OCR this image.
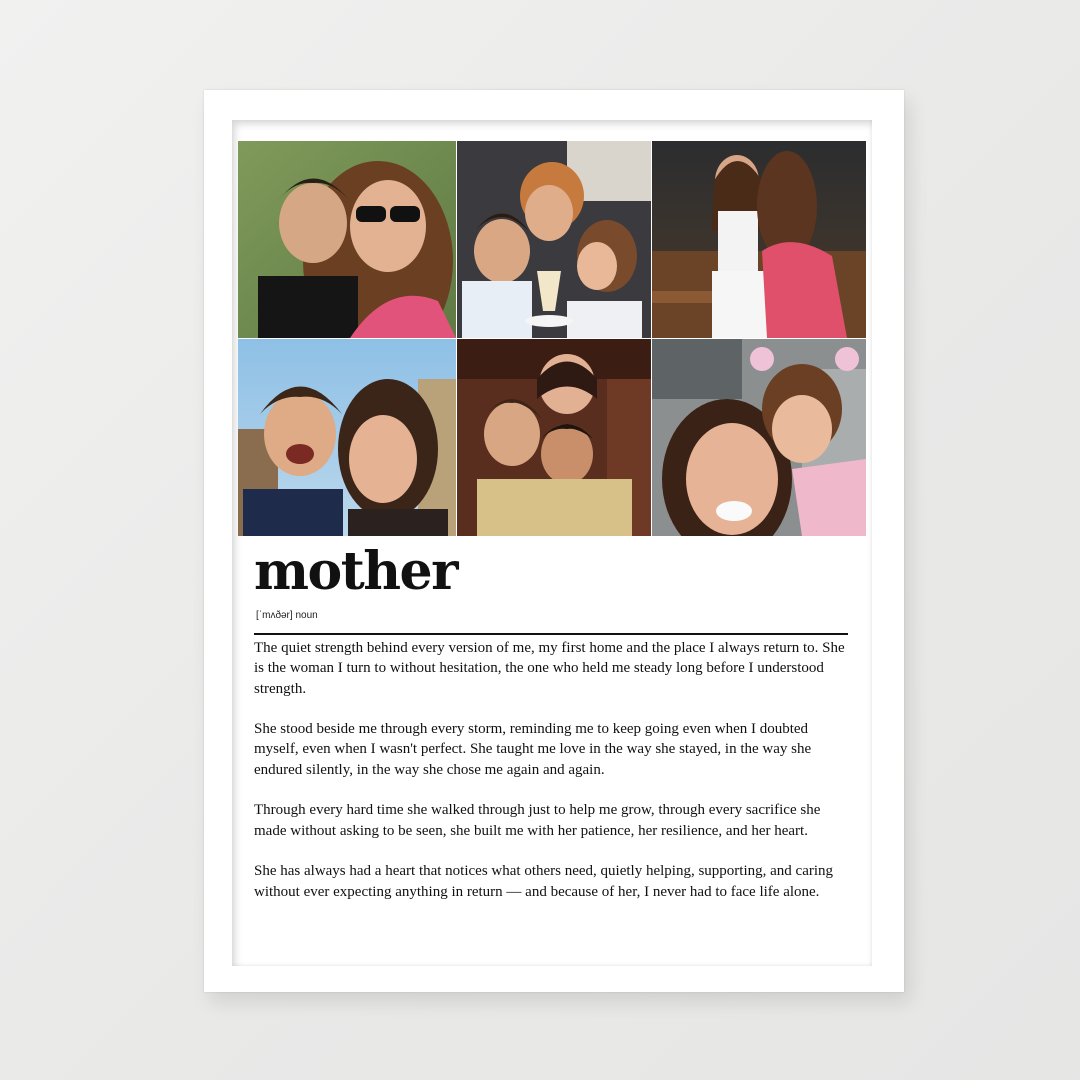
mother
[ˈmʌðər] noun

The quiet strength behind every version of me, my first home and the place I always return to. She is the woman I turn to without hesitation, the one who held me steady long before I understood strength.

She stood beside me through every storm, reminding me to keep going even when I doubted myself, even when I wasn't perfect. She taught me love in the way she stayed, in the way she endured silently, in the way she chose me again and again.

Through every hard time she walked through just to help me grow, through every sacrifice she made without asking to be seen, she built me with her patience, her resilience, and her heart.

She has always had a heart that notices what others need, quietly helping, supporting, and caring without ever expecting anything in return — and because of her, I never had to face life alone.
